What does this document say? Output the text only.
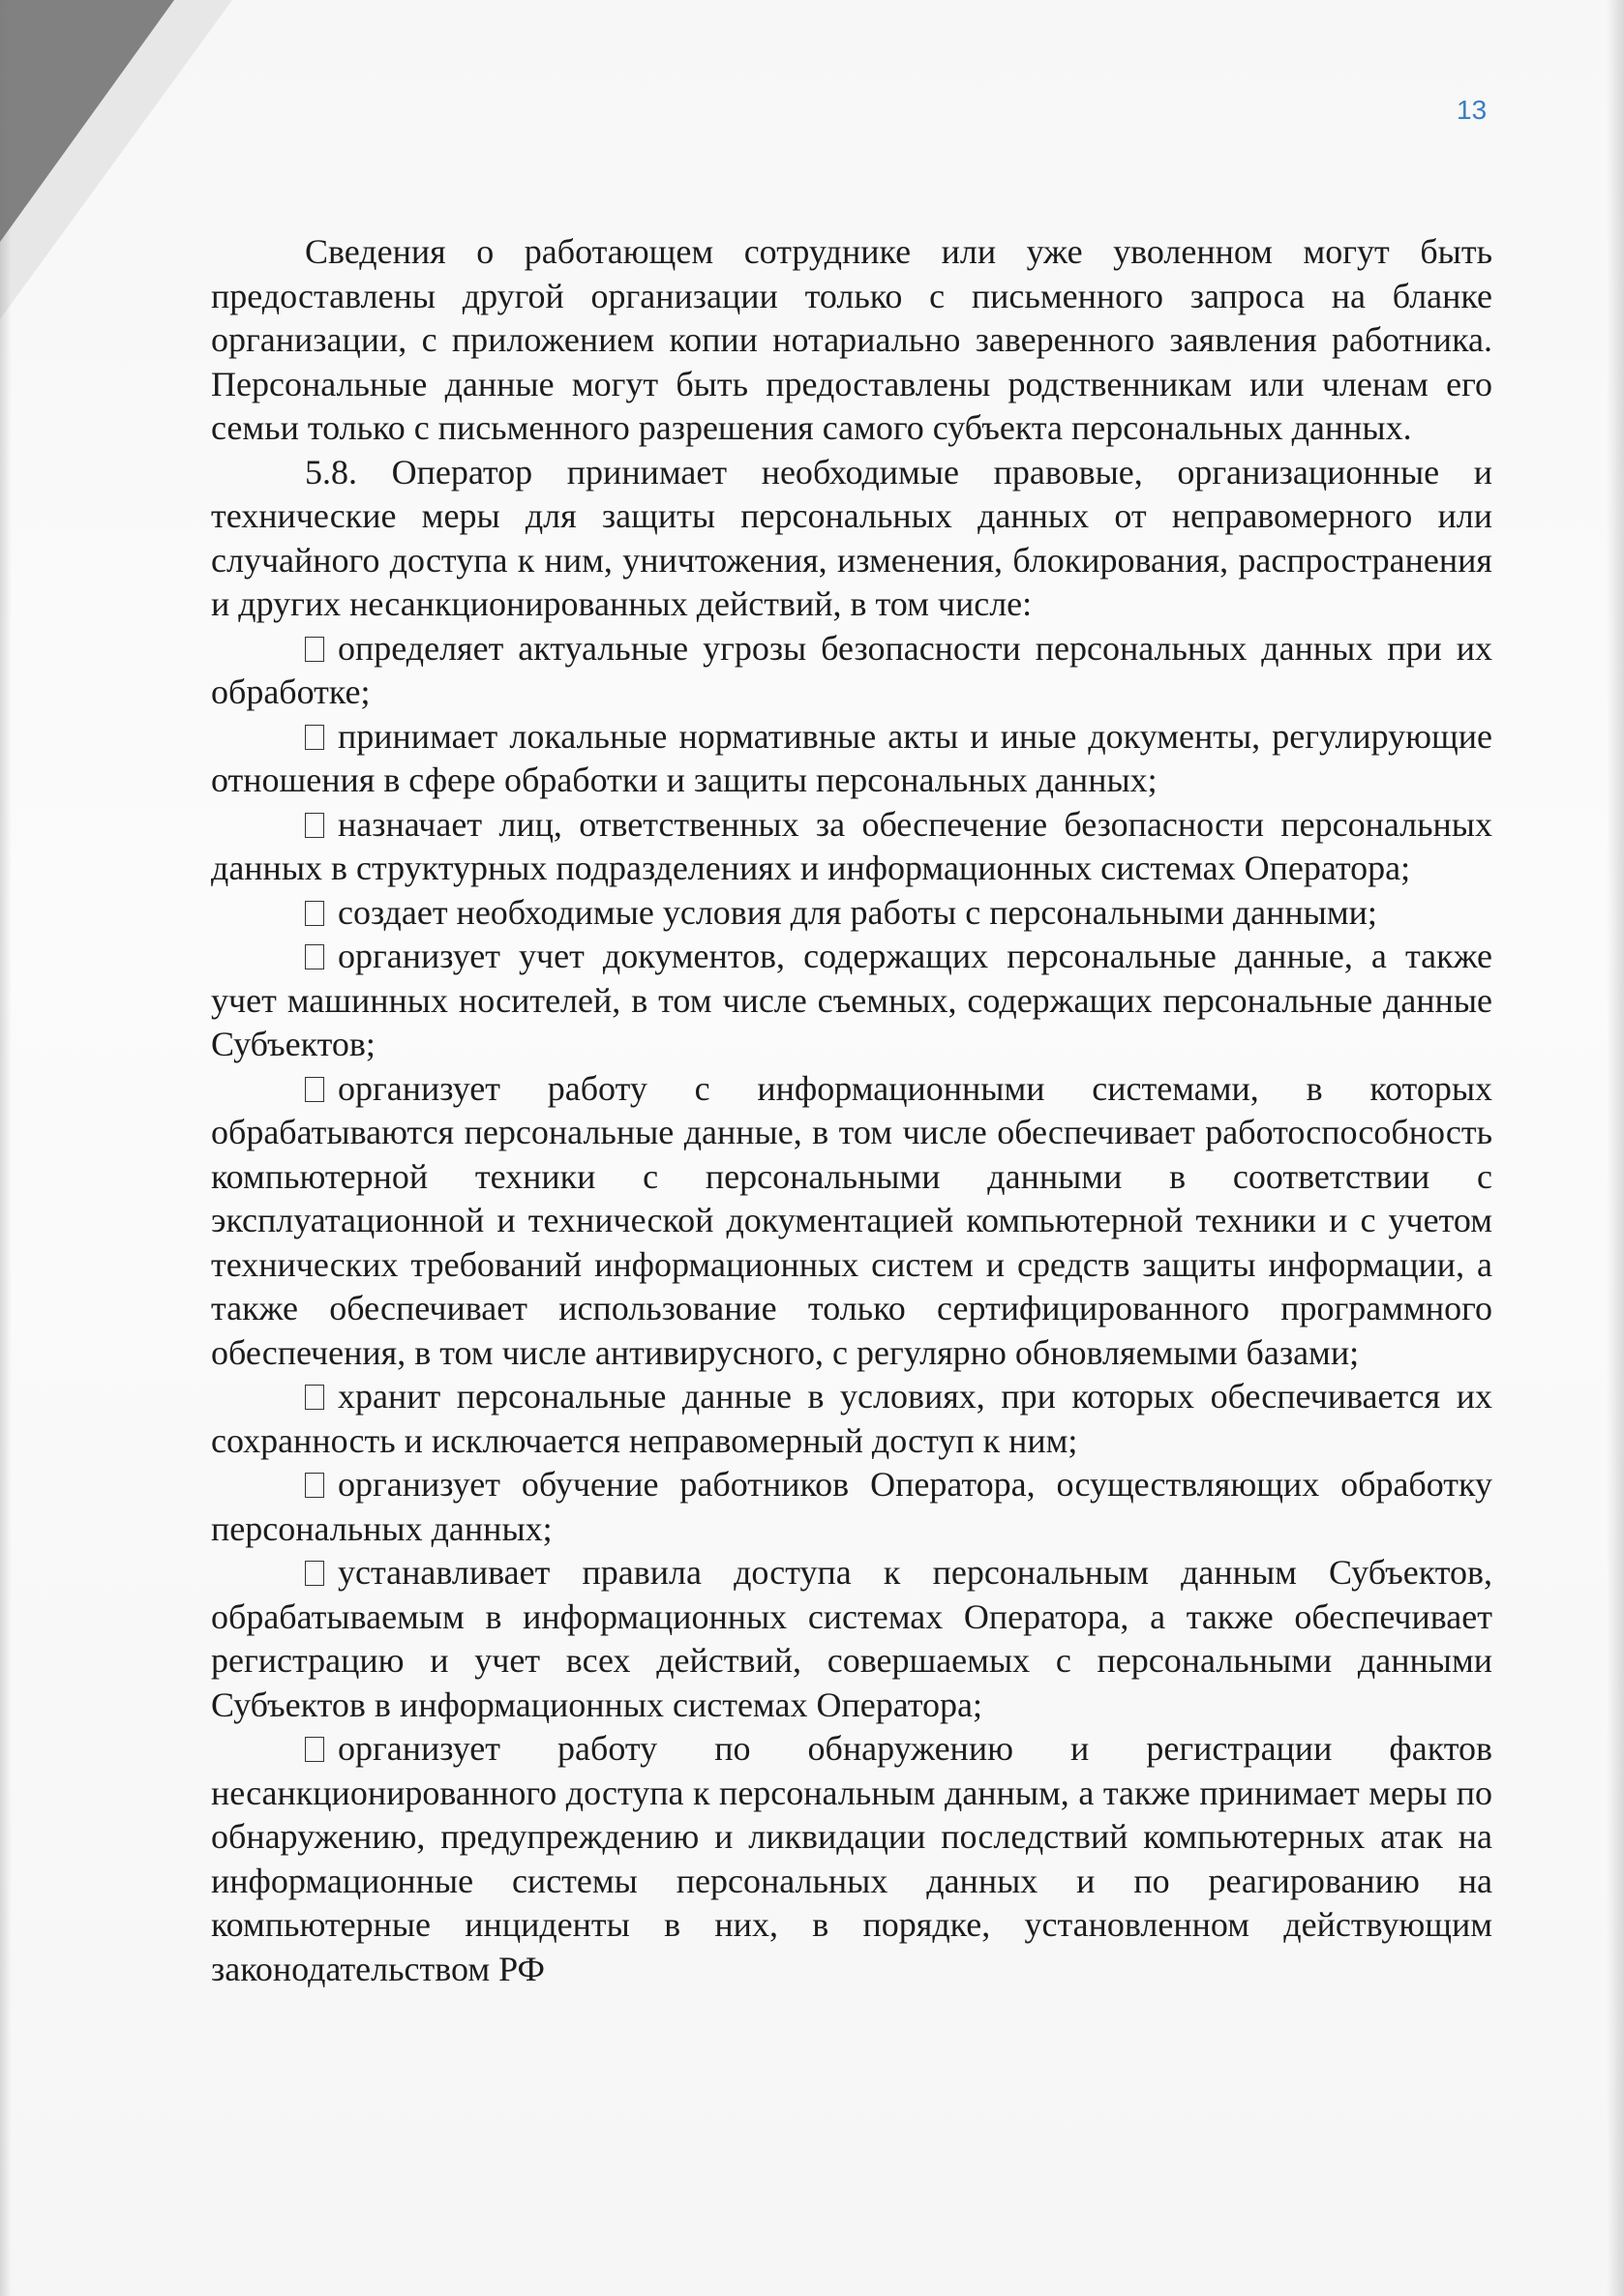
13

Сведения о работающем сотруднике или уже уволенном могут быть предоставлены другой организации только с письменного запроса на бланке организации, с приложением копии нотариально заверенного заявления работника. Персональные данные могут быть предоставлены родственникам или членам его семьи только с письменного разрешения самого субъекта персональных данных.

5.8. Оператор принимает необходимые правовые, организационные и технические меры для защиты персональных данных от неправомерного или случайного доступа к ним, уничтожения, изменения, блокирования, распространения и других несанкционированных действий, в том числе:

определяет актуальные угрозы безопасности персональных данных при их обработке;

принимает локальные нормативные акты и иные документы, регулирующие отношения в сфере обработки и защиты персональных данных;

назначает лиц, ответственных за обеспечение безопасности персональных данных в структурных подразделениях и информационных системах Оператора;

создает необходимые условия для работы с персональными данными;

организует учет документов, содержащих персональные данные, а также учет машинных носителей, в том числе съемных, содержащих персональные данные Субъектов;

организует работу с информационными системами, в которых обрабатываются персональные данные, в том числе обеспечивает работоспособность компьютерной техники с персональными данными в соответствии с эксплуатационной и технической документацией компьютерной техники и с учетом технических требований информационных систем и средств защиты информации, а также обеспечивает использование только сертифицированного программного обеспечения, в том числе антивирусного, с регулярно обновляемыми базами;

хранит персональные данные в условиях, при которых обеспечивается их сохранность и исключается неправомерный доступ к ним;

организует обучение работников Оператора, осуществляющих обработку персональных данных;

устанавливает правила доступа к персональным данным Субъектов, обрабатываемым в информационных системах Оператора, а также обеспечивает регистрацию и учет всех действий, совершаемых с персональными данными Субъектов в информационных системах Оператора;

организует работу по обнаружению и регистрации фактов несанкционированного доступа к персональным данным, а также принимает меры по обнаружению, предупреждению и ликвидации последствий компьютерных атак на информационные системы персональных данных и по реагированию на компьютерные инциденты в них, в порядке, установленном действующим законодательством РФ
